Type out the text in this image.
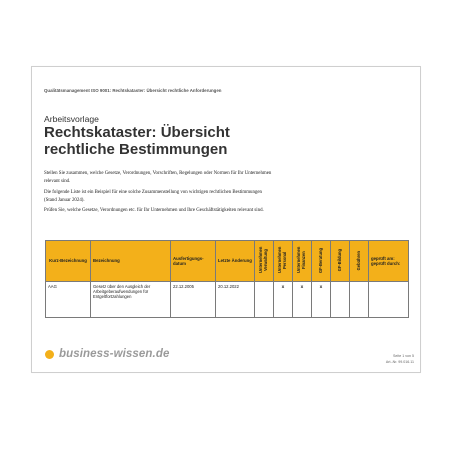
Qualitätsmanagement ISO 9001: Rechtskataster: Übersicht rechtliche Anforderungen
Arbeitsvorlage
Rechtskataster: Übersicht rechtliche Bestimmungen

Stellen Sie zusammen, welche Gesetze, Verordnungen, Vorschriften, Regelungen oder Normen für Ihr Unternehmen relevant sind.

Die folgende Liste ist ein Beispiel für eine solche Zusammenstellung von wichtigen rechtlichen Bestimmungen (Stand Januar 2024).

Prüfen Sie, welche Gesetze, Verordnungen etc. für Ihr Unternehmen und Ihre Geschäftstätigkeiten relevant sind.

Kurz-Bezeichnung	Bezeichnung	Ausfertigungs-datum	Letzte Änderung	Unternehmen Verwaltung	Unternehmen Personal	Unternehmen Finanzen	GF-Beratung	GF-Bildung	Gebühren	geprüft am: geprüft durch:
AAG	Gesetz über den Ausgleich der Arbeitgeberaufwendungen für Entgeltfortzahlungen	22.12.2005	20.12.2022		x	x	x			
business-wissen.de	Seite 1 von 5
Art.-Nr. 99.016.11
